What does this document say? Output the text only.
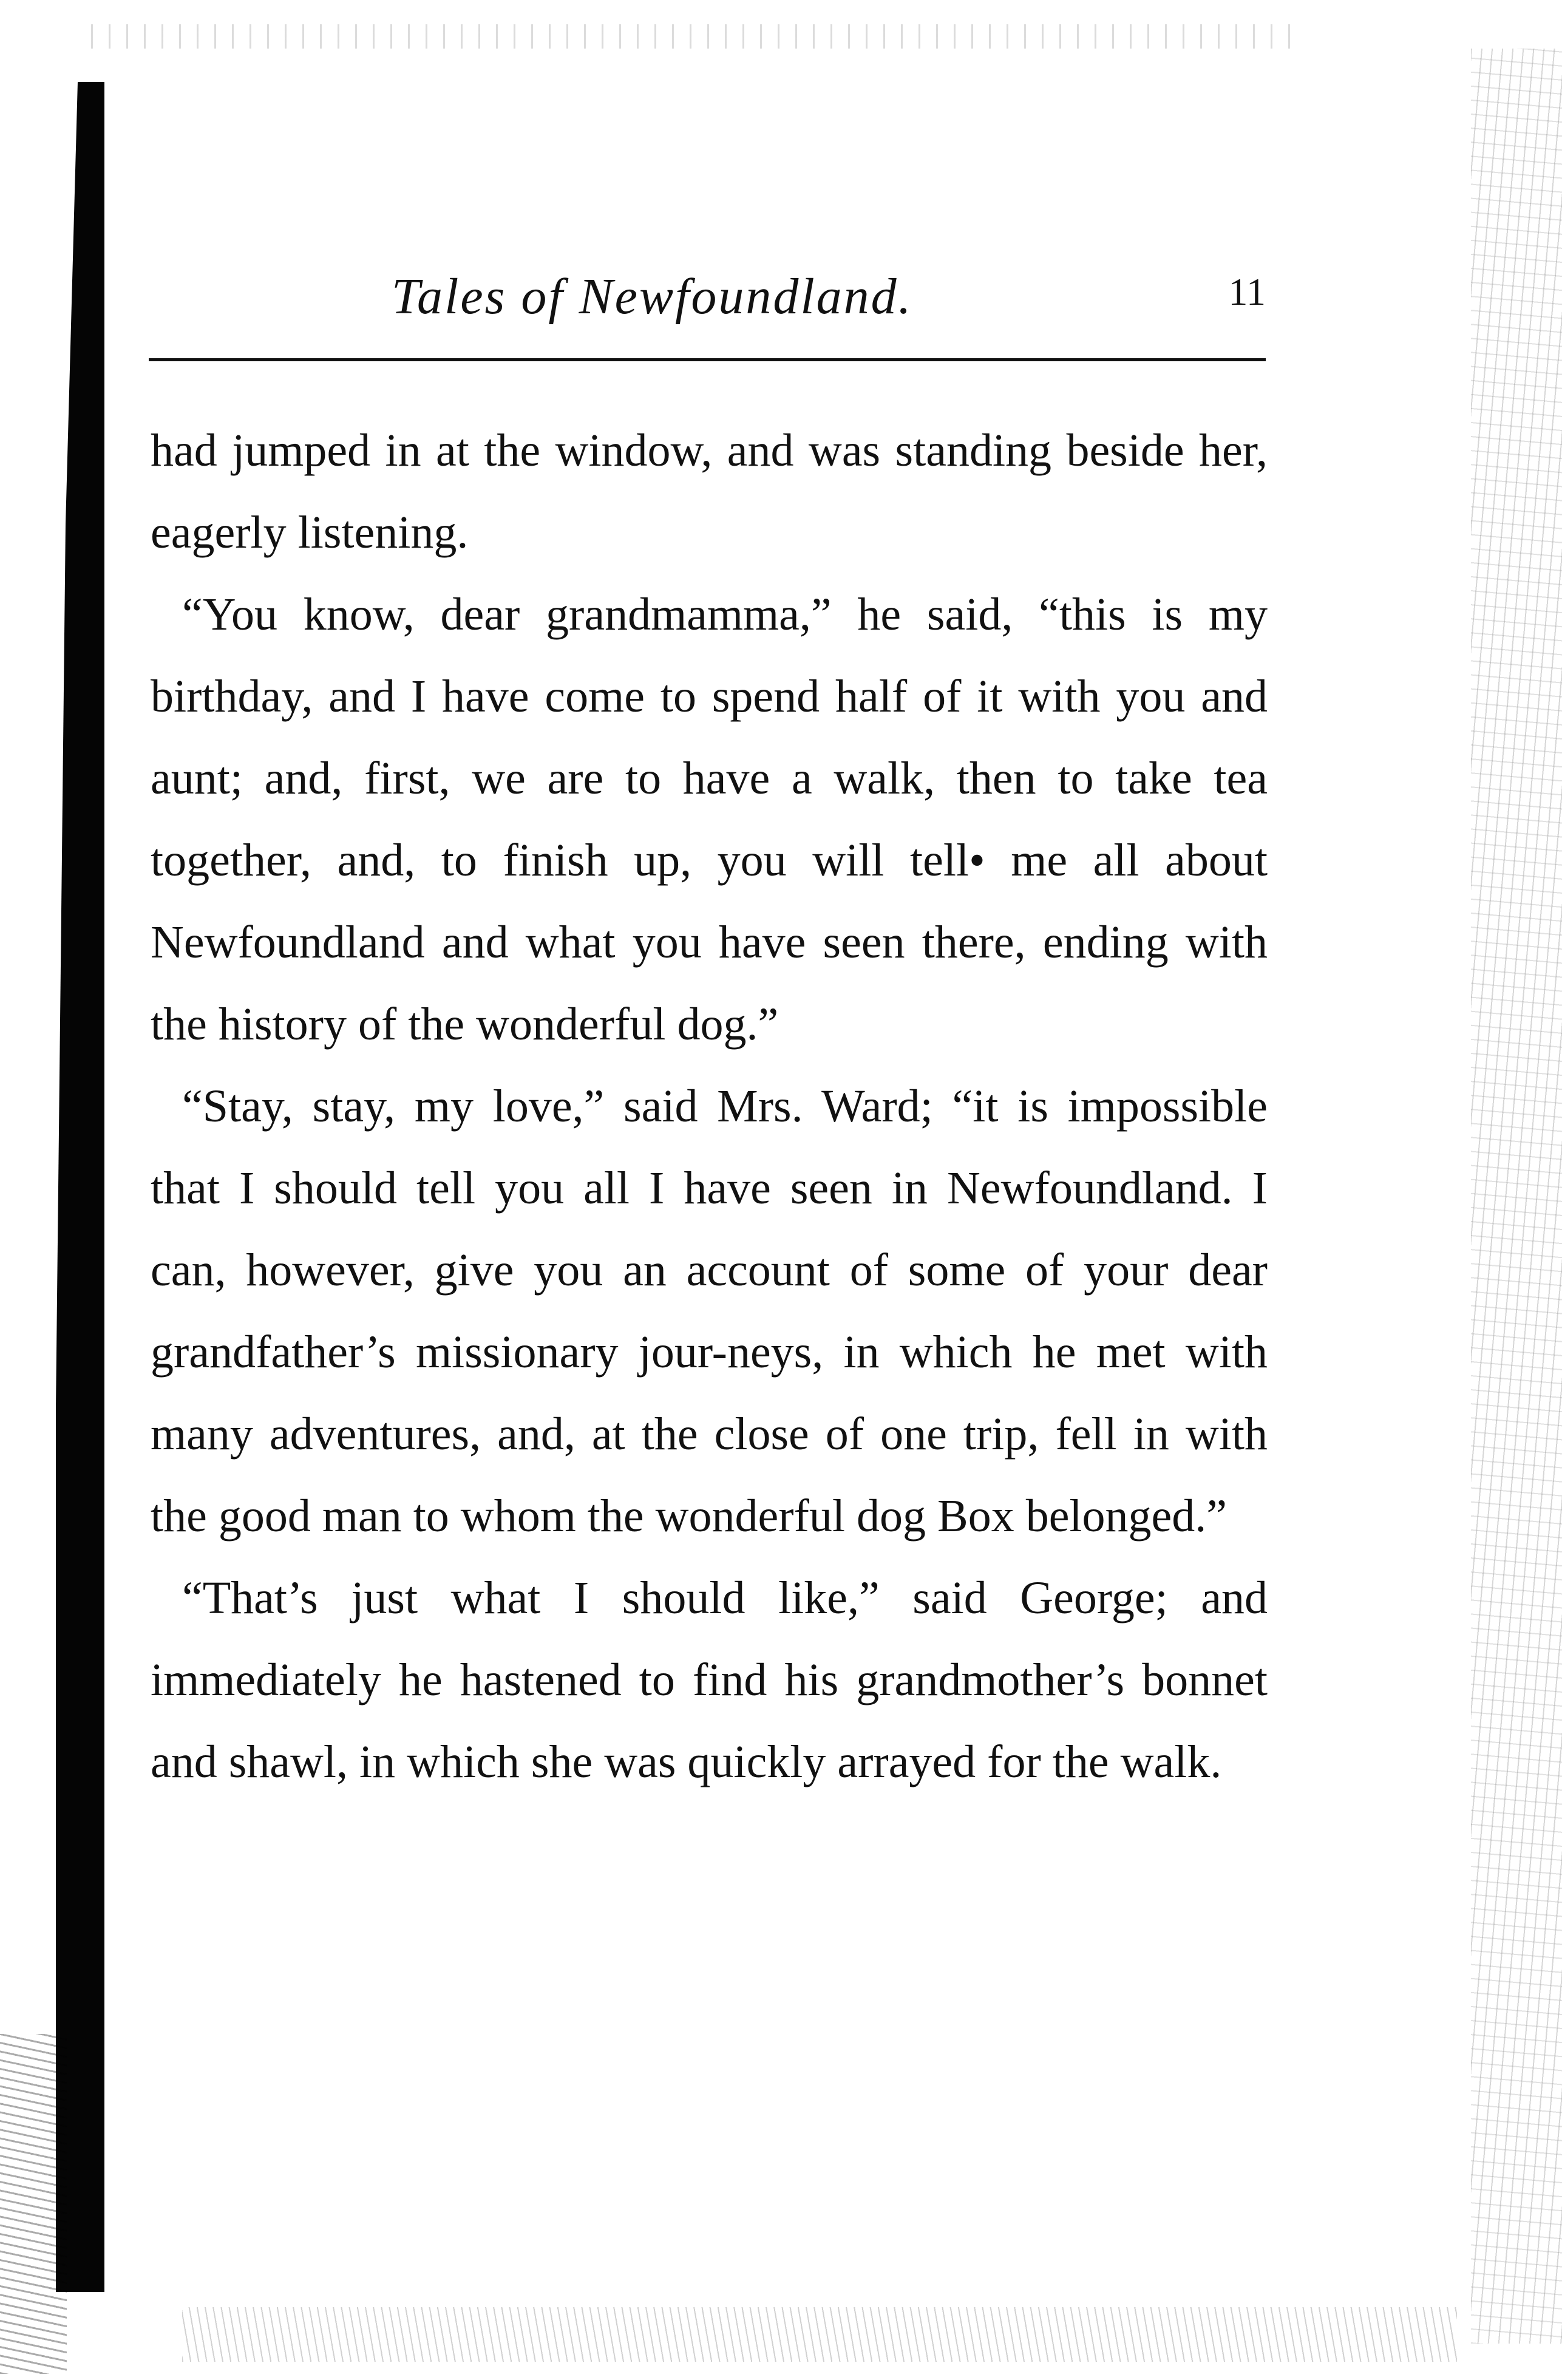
Tales of Newfoundland.	11

had jumped in at the window, and was standing beside her, eagerly listening.

“You know, dear grandmamma,” he said, “this is my birthday, and I have come to spend half of it with you and aunt; and, first, we are to have a walk, then to take tea together, and, to finish up, you will tell• me all about Newfoundland and what you have seen there, ending with the history of the wonderful dog.”

“Stay, stay, my love,” said Mrs. Ward; “it is impossible that I should tell you all I have seen in Newfoundland. I can, however, give you an account of some of your dear grandfather’s missionary jour-neys, in which he met with many adventures, and, at the close of one trip, fell in with the good man to whom the wonderful dog Box belonged.”

“That’s just what I should like,” said George; and immediately he hastened to find his grandmother’s bonnet and shawl, in which she was quickly arrayed for the walk.
